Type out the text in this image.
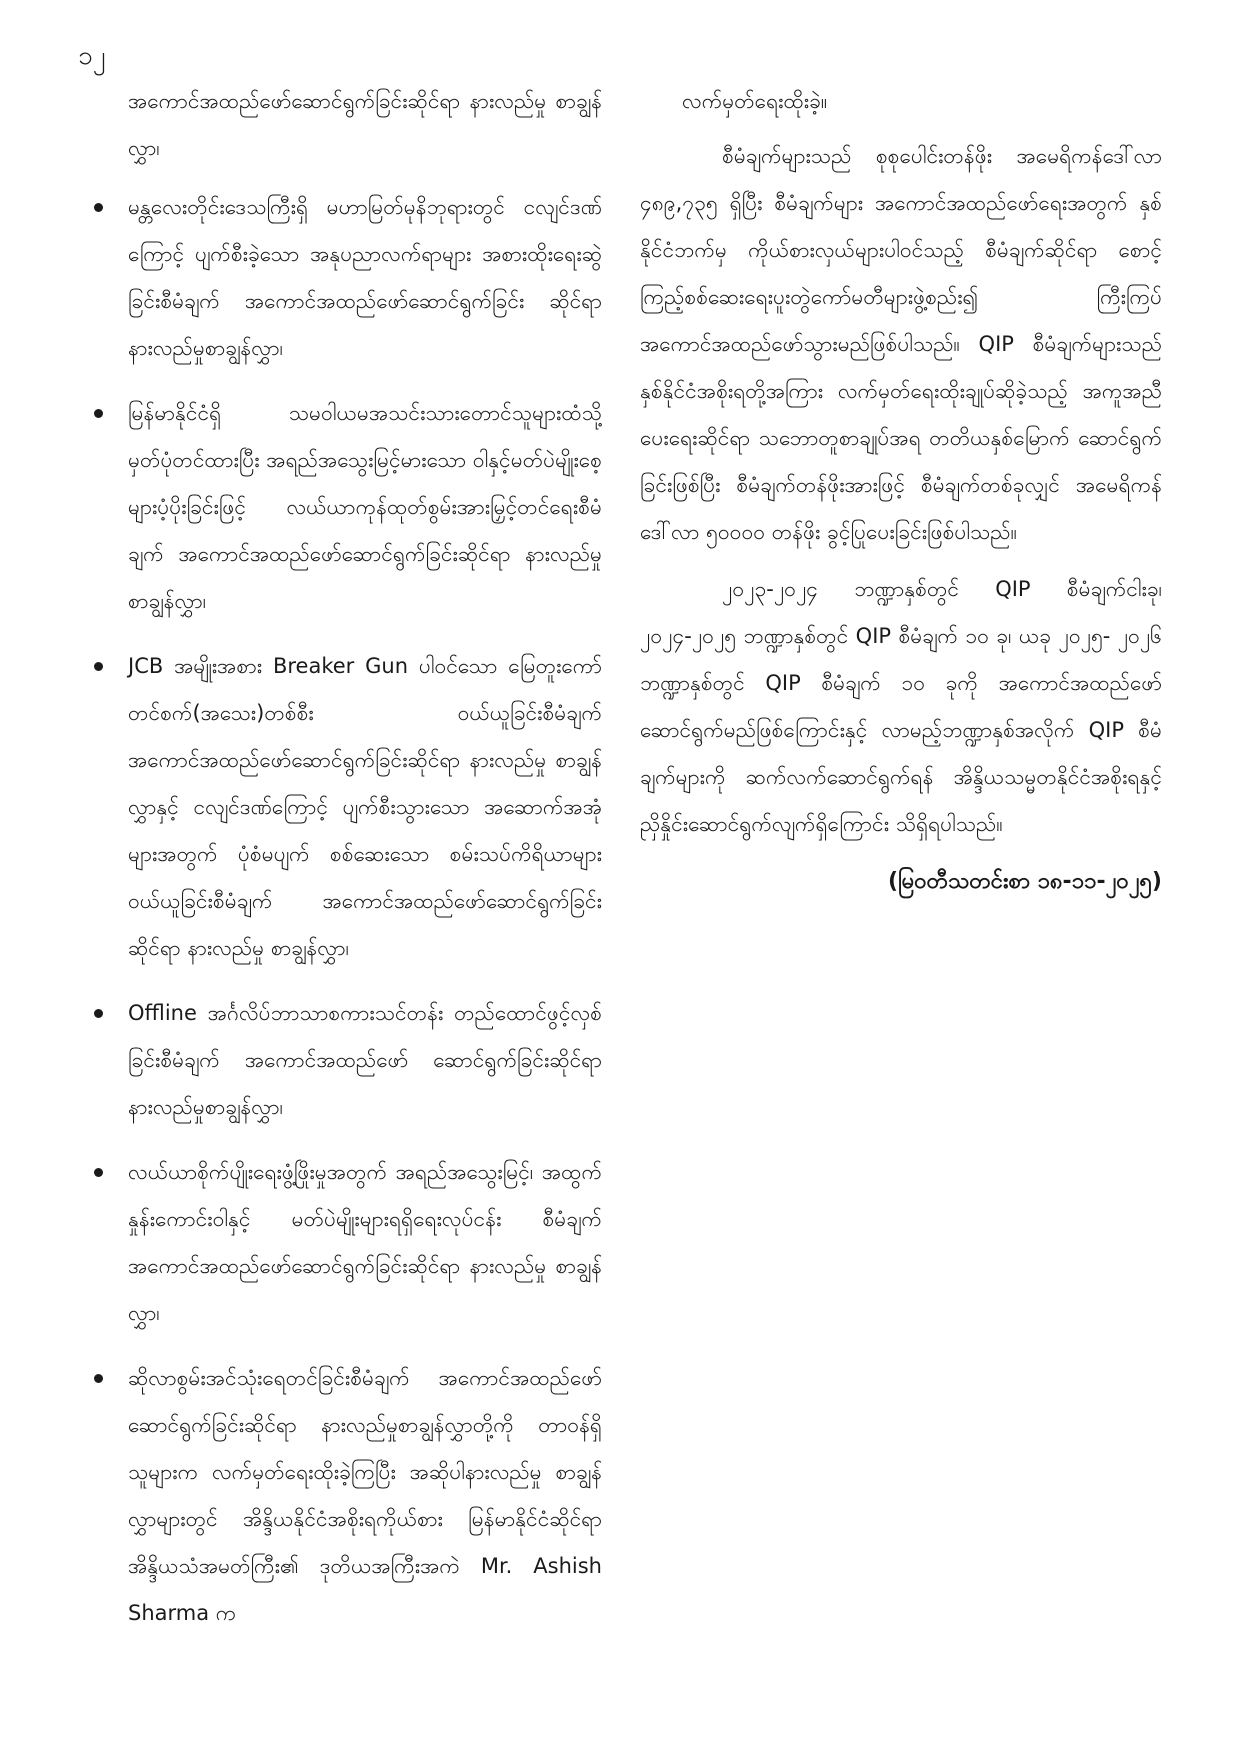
၁၂

အကောင်အထည်ဖော်ဆောင်ရွက်ခြင်းဆိုင်ရာ နားလည်မှု စာချွန်လွှာ၊

မန္တလေးတိုင်းဒေသကြီးရှိ မဟာမြတ်မုနိဘုရားတွင် ငလျင်ဒဏ်ကြောင့် ပျက်စီးခဲ့သော အနုပညာလက်ရာများ အစားထိုးရေးဆွဲခြင်းစီမံချက် အကောင်အထည်ဖော်ဆောင်ရွက်ခြင်း ဆိုင်ရာနားလည်မှုစာချွန်လွှာ၊
မြန်မာနိုင်ငံရှိ သမဝါယမအသင်းသားတောင်သူများထံသို့ မှတ်ပုံတင်ထားပြီး အရည်အသွေးမြင့်မားသော ဝါနှင့်မတ်ပဲမျိုးစေ့များပံ့ပိုးခြင်းဖြင့် လယ်ယာကုန်ထုတ်စွမ်းအားမြှင့်တင်ရေးစီမံချက် အကောင်အထည်ဖော်ဆောင်ရွက်ခြင်းဆိုင်ရာ နားလည်မှု စာချွန်လွှာ၊
JCB အမျိုးအစား Breaker Gun ပါဝင်သော မြေတူးကော်တင်စက်(အသေး)တစ်စီး ဝယ်ယူခြင်းစီမံချက် အကောင်အထည်ဖော်ဆောင်ရွက်ခြင်းဆိုင်ရာ နားလည်မှု စာချွန်လွှာနှင့် ငလျင်ဒဏ်ကြောင့် ပျက်စီးသွားသော အဆောက်အအုံများအတွက် ပုံစံမပျက် စစ်ဆေးသော စမ်းသပ်ကိရိယာများ ဝယ်ယူခြင်းစီမံချက် အကောင်အထည်ဖော်ဆောင်ရွက်ခြင်းဆိုင်ရာ နားလည်မှု စာချွန်လွှာ၊
Offline အင်္ဂလိပ်ဘာသာစကားသင်တန်း တည်ထောင်ဖွင့်လှစ်ခြင်းစီမံချက် အကောင်အထည်ဖော် ဆောင်ရွက်ခြင်းဆိုင်ရာ နားလည်မှုစာချွန်လွှာ၊
လယ်ယာစိုက်ပျိုးရေးဖွံ့ဖြိုးမှုအတွက် အရည်အသွေးမြင့်၊ အထွက်နှုန်းကောင်းဝါနှင့် မတ်ပဲမျိုးများရရှိရေးလုပ်ငန်း စီမံချက် အကောင်အထည်ဖော်ဆောင်ရွက်ခြင်းဆိုင်ရာ နားလည်မှု စာချွန်လွှာ၊
ဆိုလာစွမ်းအင်သုံးရေတင်ခြင်းစီမံချက် အကောင်အထည်ဖော် ဆောင်ရွက်ခြင်းဆိုင်ရာ နားလည်မှုစာချွန်လွှာတို့ကို တာဝန်ရှိသူများက လက်မှတ်ရေးထိုးခဲ့ကြပြီး အဆိုပါနားလည်မှု စာချွန်လွှာများတွင် အိန္ဒိယနိုင်ငံအစိုးရကိုယ်စား မြန်မာနိုင်ငံဆိုင်ရာ အိန္ဒိယသံအမတ်ကြီး၏ ဒုတိယအကြီးအကဲ Mr. Ashish Sharma က

လက်မှတ်ရေးထိုးခဲ့။

စီမံချက်များသည် စုစုပေါင်းတန်ဖိုး အမေရိကန်ဒေါ်လာ ၄၈၉,၇၃၅ ရှိပြီး စီမံချက်များ အကောင်အထည်ဖော်ရေးအတွက် နှစ်နိုင်ငံဘက်မှ ကိုယ်စားလှယ်များပါဝင်သည့် စီမံချက်ဆိုင်ရာ စောင့်ကြည့်စစ်ဆေးရေးပူးတွဲကော်မတီများဖွဲ့စည်း၍ ကြီးကြပ်အကောင်အထည်ဖော်သွားမည်ဖြစ်ပါသည်။ QIP စီမံချက်များသည် နှစ်နိုင်ငံအစိုးရတို့အကြား လက်မှတ်ရေးထိုးချုပ်ဆိုခဲ့သည့် အကူအညီပေးရေးဆိုင်ရာ သဘောတူစာချုပ်အရ တတိယနှစ်မြောက် ဆောင်ရွက်ခြင်းဖြစ်ပြီး စီမံချက်တန်ဖိုးအားဖြင့် စီမံချက်တစ်ခုလျှင် အမေရိကန်ဒေါ်လာ ၅၀၀၀၀ တန်ဖိုး ခွင့်ပြုပေးခြင်းဖြစ်ပါသည်။

၂၀၂၃-၂၀၂၄ ဘဏ္ဍာနှစ်တွင် QIP စီမံချက်ငါးခု၊ ၂၀၂၄-၂၀၂၅ ဘဏ္ဍာနှစ်တွင် QIP စီမံချက် ၁၀ ခု၊ ယခု ၂၀၂၅- ၂၀၂၆ ဘဏ္ဍာနှစ်တွင် QIP စီမံချက် ၁၀ ခုကို အကောင်အထည်ဖော်ဆောင်ရွက်မည်ဖြစ်ကြောင်းနှင့် လာမည့်ဘဏ္ဍာနှစ်အလိုက် QIP စီမံချက်များကို ဆက်လက်ဆောင်ရွက်ရန် အိန္ဒိယသမ္မတနိုင်ငံအစိုးရနှင့် ညှိနှိုင်းဆောင်ရွက်လျက်ရှိကြောင်း သိရှိရပါသည်။

(မြဝတီသတင်းစာ ၁၈-၁၁-၂၀၂၅)
